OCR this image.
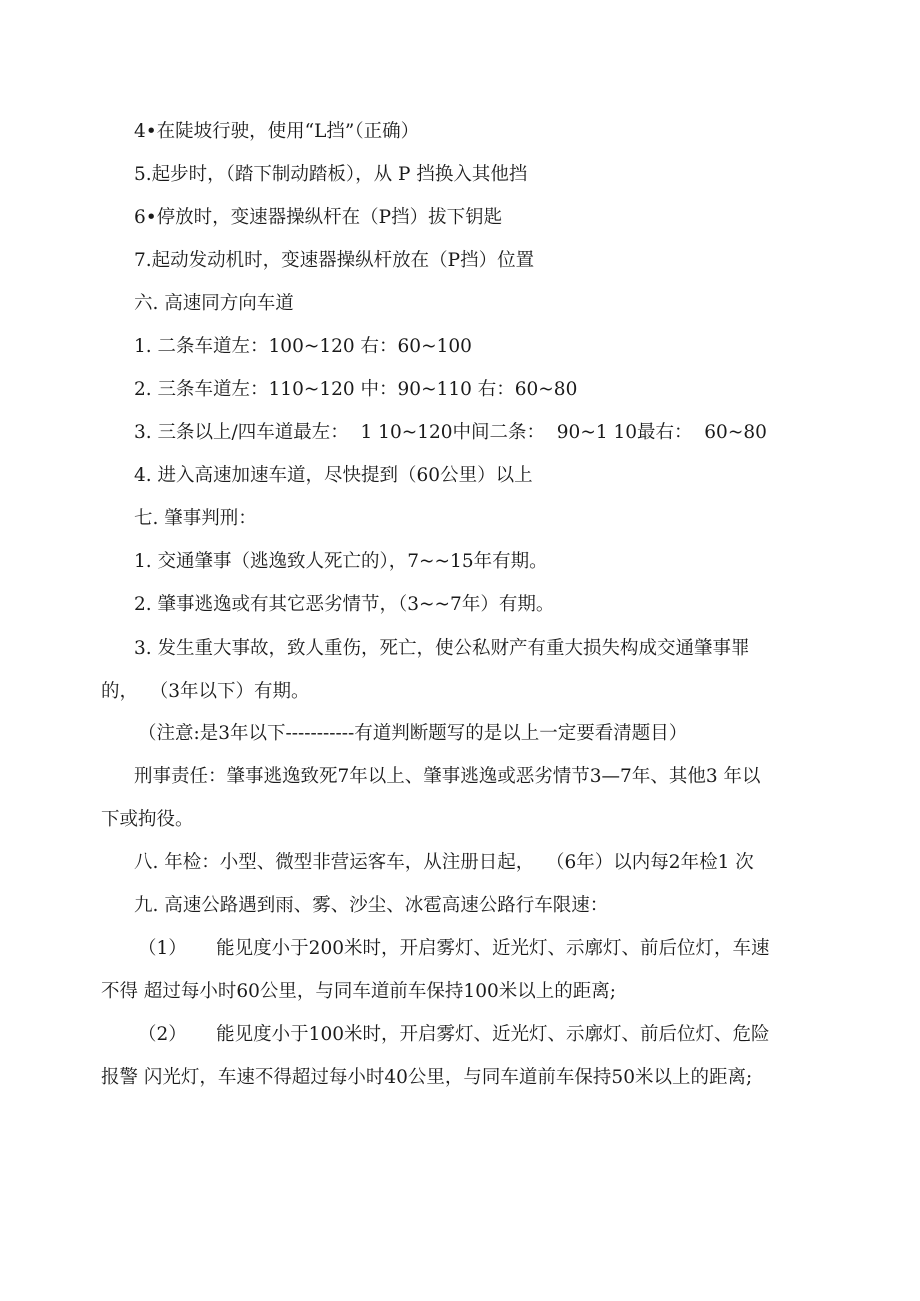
4•在陡坡行驶，使用“L挡”（正确）
5.起步时，（踏下制动踏板），从 P 挡换入其他挡
6•停放时，变速器操纵杆在（P挡）拔下钥匙
7.起动发动机时，变速器操纵杆放在（P挡）位置
六. 高速同方向车道
1. 二条车道左：100~120 右：60~100
2. 三条车道左：110~120 中：90~110 右：60~80
3. 三条以上/四车道最左：  1 10~120中间二条：  90~1 10最右：  60~80
4. 进入高速加速车道，尽快提到（60公里）以上
七. 肇事判刑：
1. 交通肇事（逃逸致人死亡的），7~~15年有期。
2. 肇事逃逸或有其它恶劣情节，（3~~7年）有期。
3. 发生重大事故，致人重伤，死亡，使公私财产有重大损失构成交通肇事罪
的，  （3年以下）有期。
（注意:是3年以下-----------有道判断题写的是以上一定要看清题目）
刑事责任：肇事逃逸致死7年以上、肇事逃逸或恶劣情节3—7年、其他3 年以
下或拘役。
八. 年检：小型、微型非营运客车，从注册日起，  （6年）以内每2年检1 次
九. 高速公路遇到雨、雾、沙尘、冰雹高速公路行车限速：
（1）     能见度小于200米时，开启雾灯、近光灯、示廓灯、前后位灯，车速
不得 超过每小时60公里，与同车道前车保持100米以上的距离;
（2）     能见度小于100米时，开启雾灯、近光灯、示廓灯、前后位灯、危险
报警 闪光灯，车速不得超过每小时40公里，与同车道前车保持50米以上的距离;
